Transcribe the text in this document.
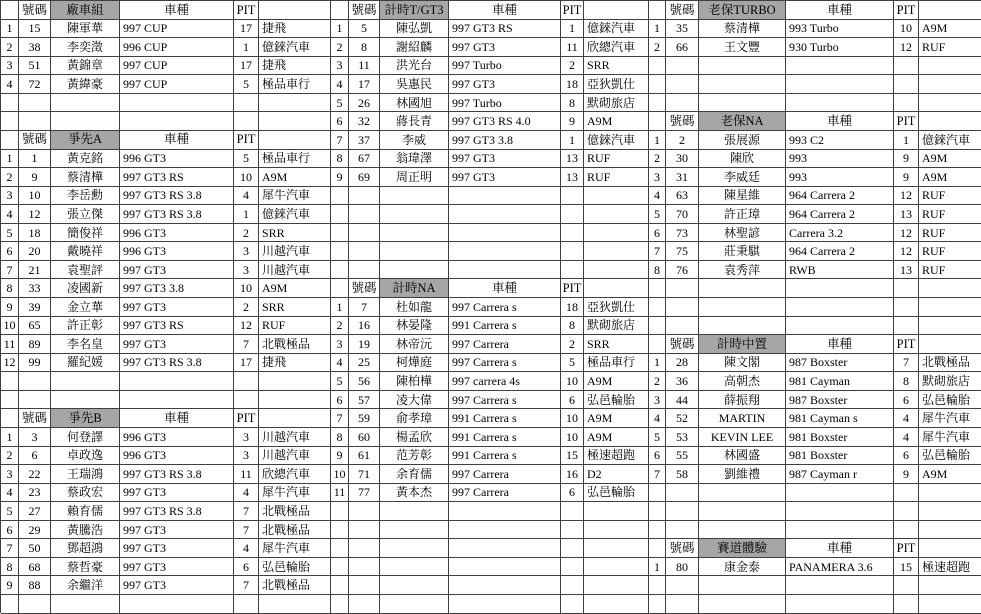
號碼	廠車組	車種	PIT	號碼 計時T/GT3	車種	PIT	號碼	老保TURBO	車種	PIT
1	15	陳軍華	997 CUP	17 捷飛	1	5	陳弘凱	997 GT3 RS	1	億錸汽車	1	35	蔡清樺	993 Turbo	10 A9M
2	38	李奕澂	996 CUP	1	億錸汽車	2	8	謝紹麟	997 GT3	11 欣總汽車	2	66	王文豐	930 Turbo	12 RUF
3	51	黃錦章	997 CUP	17 捷飛	3	11	洪光台	997 Turbo	2	SRR
4	72	黃緯豪	997 CUP	5	極品車行	4	17	吳惠民	997 GT3	18 亞狄凱仕
5	26	林國旭	997 Turbo	8	默砌旅店
6	32	蔣長青	997 GT3 RS 4.0	9	A9M	號碼	老保NA	車種	PIT
號碼	爭先A	車種	PIT	7	37	李威	997 GT3 3.8	1	億錸汽車	1	2	張展源	993 C2	1	億錸汽車
1	1	黃克銘	996 GT3	5	極品車行	8	67	翁瑋澤	997 GT3	13 RUF	2	30	陳欣	993	9	A9M
2	9	蔡清樺	997 GT3 RS	10 A9M	9	69	周正明	997 GT3	13 RUF	3	31	李威廷	993	9	A9M
3	10	李岳勳	997 GT3 RS 3.8	4	犀牛汽車	4	63	陳星維	964 Carrera 2	12 RUF
4	12	張立傑	997 GT3 RS 3.8	1	億錸汽車	5	70	許正璋	964 Carrera 2	13 RUF
5	18	簡俊祥	996 GT3	2	SRR	6	73	林聖諺	Carrera 3.2	12 RUF
6	20	戴曉祥	996 GT3	3	川越汽車	7	75	莊秉騏	964 Carrera 2	12 RUF
7	21	袁聖評	997 GT3	3	川越汽車	8	76	袁秀萍	RWB	13 RUF
8	33	凌國新	997 GT3 3.8	10 A9M	號碼	計時NA	車種	PIT
9	39	金立華	997 GT3	2	SRR	1	7	杜如龍	997 Carrera s	18 亞狄凱仕
10	65	許正彰	997 GT3 RS	12 RUF	2	16	林晏隆	991 Carrera s	8	默砌旅店
11	89	李名皇	997 GT3	7	北戰極品	3	19	林帝沅	997 Carrera	2	SRR	號碼	計時中置	車種	PIT
12	99	羅紀媛	997 GT3 RS 3.8	17 捷飛	4	25	柯燁庭	997 Carrera s	5	極品車行	1	28	陳文閣	987 Boxster	7	北戰極品
5	56	陳柏樺	997 carrera 4s	10 A9M	2	36	高朝杰	981 Cayman	8	默砌旅店
6	57	凌大偉	997 Carrera s	6	弘邑輪胎	3	44	薛振翔	987 Boxster	6	弘邑輪胎
號碼	爭先B	車種	PIT	7	59	俞孝璋	991 Carrera s	10 A9M	4	52	MARTIN	981 Cayman s	4	犀牛汽車
1	3	何登譯	996 GT3	3	川越汽車	8	60	楊孟欣	991 Carrera s	10 A9M	5	53	KEVIN LEE	981 Boxster	4	犀牛汽車
2	6	卓政逸	996 GT3	3	川越汽車	9	61	范芳彰	991 Carrera s	15 極速超跑	6	55	林國盛	981 Boxster	6	弘邑輪胎
3	22	王瑞鴻	997 GT3 RS 3.8	11 欣總汽車	10	71	余育儒	997 Carrera	16 D2	7	58	劉維禮	987 Cayman r	9	A9M
4	23	蔡政宏	997 GT3	4	犀牛汽車	11	77	黃本杰	997 Carrera	6	弘邑輪胎
5	27	賴育儒	997 GT3 RS 3.8	7	北戰極品
6	29	黃騰浩	997 GT3	7	北戰極品
7	50	鄧超鴻	997 GT3	4	犀牛汽車	號碼	賽道體驗	車種	PIT
8	68	蔡哲豪	997 GT3	6	弘邑輪胎	1	80	康金泰	PANAMERA 3.6	15 極速超跑
9	88	余繼洋	997 GT3	7	北戰極品
